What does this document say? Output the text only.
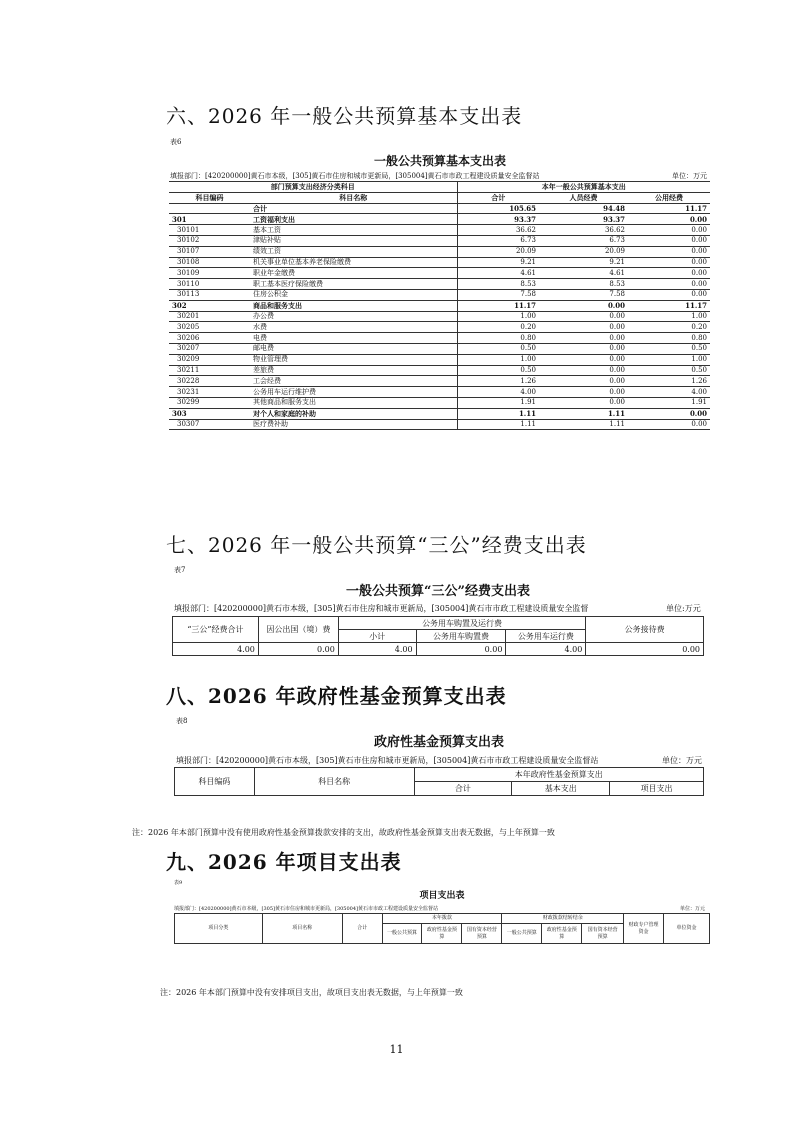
六、2026 年一般公共预算基本支出表
表6
一般公共预算基本支出表
填报部门：[420200000]黄石市本级，[305]黄石市住房和城市更新局，[305004]黄石市市政工程建设质量安全监督站	单位：万元
部门预算支出经济分类科目		本年一般公共预算基本支出		
科目编码	科目名称	合计	人员经费	公用经费
	合计	105.65	94.48	11.17
301	工资福利支出	93.37	93.37	0.00
30101	基本工资	36.62	36.62	0.00
30102	津贴补贴	6.73	6.73	0.00
30107	绩效工资	20.09	20.09	0.00
30108	机关事业单位基本养老保险缴费	9.21	9.21	0.00
30109	职业年金缴费	4.61	4.61	0.00
30110	职工基本医疗保险缴费	8.53	8.53	0.00
30113	住房公积金	7.58	7.58	0.00
302	商品和服务支出	11.17	0.00	11.17
30201	办公费	1.00	0.00	1.00
30205	水费	0.20	0.00	0.20
30206	电费	0.80	0.00	0.80
30207	邮电费	0.50	0.00	0.50
30209	物业管理费	1.00	0.00	1.00
30211	差旅费	0.50	0.00	0.50
30228	工会经费	1.26	0.00	1.26
30231	公务用车运行维护费	4.00	0.00	4.00
30299	其他商品和服务支出	1.91	0.00	1.91
303	对个人和家庭的补助	1.11	1.11	0.00
30307	医疗费补助	1.11	1.11	0.00
七、2026 年一般公共预算“三公”经费支出表
表7
一般公共预算“三公”经费支出表
填报部门：[420200000]黄石市本级，[305]黄石市住房和城市更新局，[305004]黄石市市政工程建设质量安全监督	单位:万元
“三公”经费合计	因公出国（境）费	公务用车购置及运行费			公务接待费
		小计	公务用车购置费	公务用车运行费	
4.00	0.00	4.00	0.00	4.00	0.00
八、2026 年政府性基金预算支出表
表8
政府性基金预算支出表
填报部门：[420200000]黄石市本级，[305]黄石市住房和城市更新局，[305004]黄石市市政工程建设质量安全监督站	单位：万元
科目编码	科目名称	本年政府性基金预算支出		
		合计	基本支出	项目支出
注：2026 年本部门预算中没有使用政府性基金预算拨款安排的支出，故政府性基金预算支出表无数据，与上年预算一致
九、2026 年项目支出表
表9
项目支出表
填报部门：[420200000]黄石市本级，[305]黄石市住房和城市更新局，[305004]黄石市市政工程建设质量安全监督站	单位：万元
项目分类	项目名称	合计	本年拨款			财政拨款结转结余			财政专户管理资金	单位资金
			一般公共预算	政府性基金预算	国有资本经营预算	一般公共预算	政府性基金预算	国有资本经营预算		
注：2026 年本部门预算中没有安排项目支出，故项目支出表无数据，与上年预算一致
11
